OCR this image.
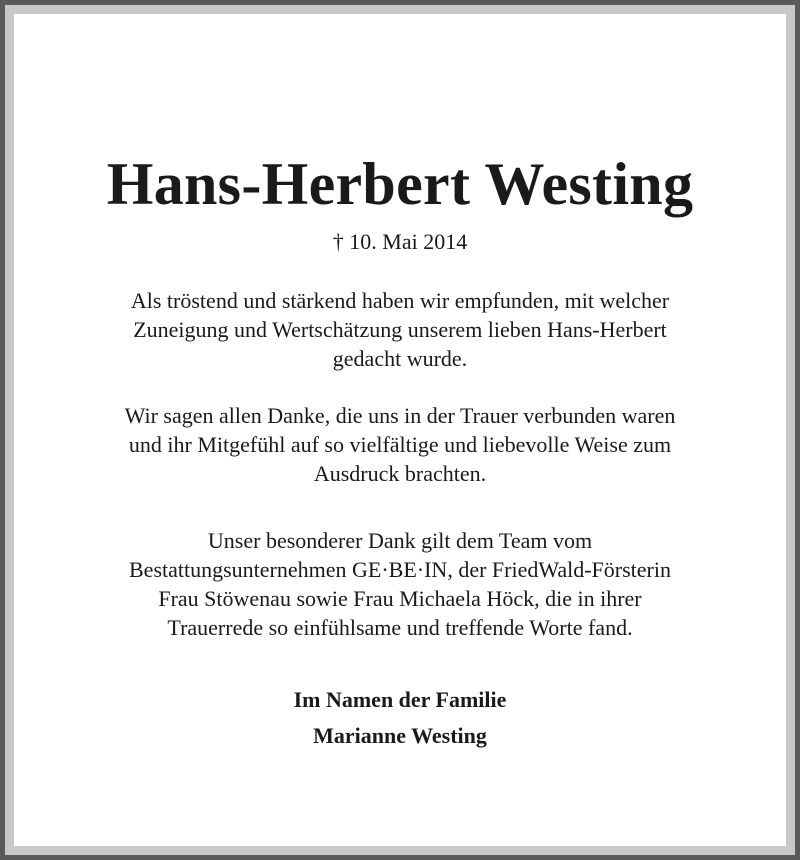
Hans-Herbert Westing
† 10. Mai 2014
Als tröstend und stärkend haben wir empfunden, mit welcher
Zuneigung und Wertschätzung unserem lieben Hans-Herbert
gedacht wurde.
Wir sagen allen Danke, die uns in der Trauer verbunden waren
und ihr Mitgefühl auf so vielfältige und liebevolle Weise zum
Ausdruck brachten.
Unser besonderer Dank gilt dem Team vom
Bestattungsunternehmen GE·BE·IN, der FriedWald-Försterin
Frau Stöwenau sowie Frau Michaela Höck, die in ihrer
Trauerrede so einfühlsame und treffende Worte fand.
Im Namen der Familie
Marianne Westing
